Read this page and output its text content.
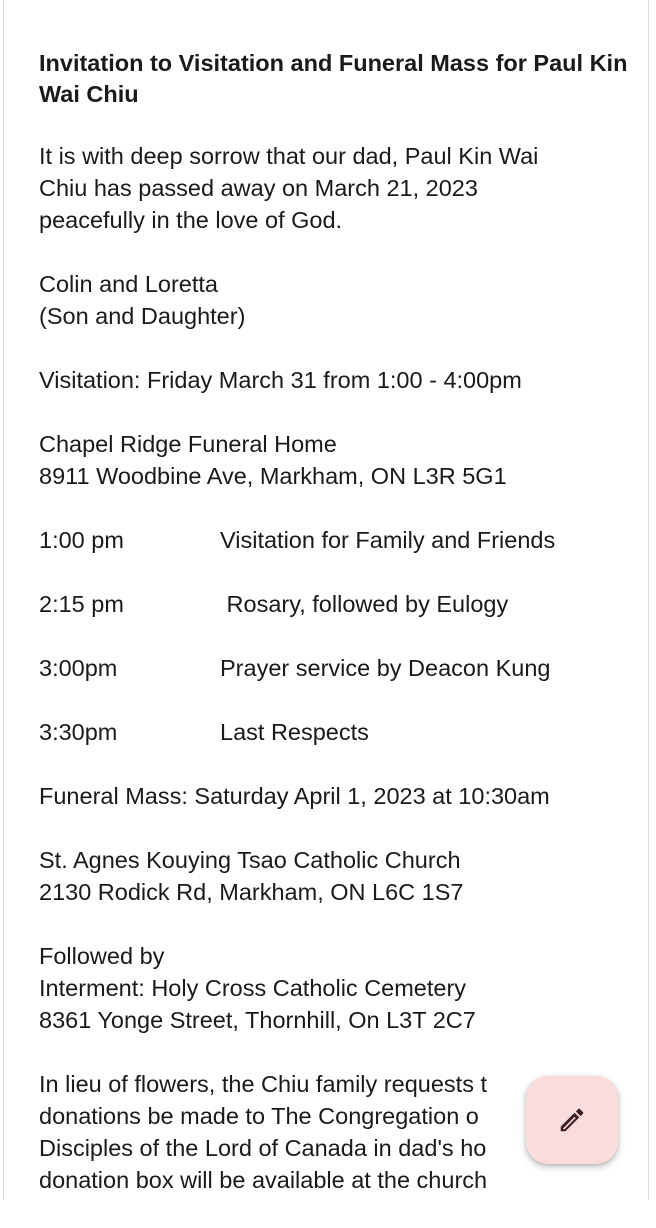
Invitation to Visitation and Funeral Mass for Paul Kin Wai Chiu

It is with deep sorrow that our dad, Paul Kin Wai
Chiu has passed away on March 21, 2023
peacefully in the love of God.

Colin and Loretta
(Son and Daughter)

Visitation: Friday March 31 from 1:00 - 4:00pm

Chapel Ridge Funeral Home
8911 Woodbine Ave, Markham, ON L3R 5G1

1:00 pm	Visitation for Family and Friends
2:15 pm	Rosary, followed by Eulogy
3:00pm	Prayer service by Deacon Kung
3:30pm	Last Respects

Funeral Mass: Saturday April 1, 2023 at 10:30am

St. Agnes Kouying Tsao Catholic Church
2130 Rodick Rd, Markham, ON L6C 1S7

Followed by
Interment: Holy Cross Catholic Cemetery
8361 Yonge Street, Thornhill, On L3T 2C7

In lieu of flowers, the Chiu family requests t
donations be made to The Congregation o
Disciples of the Lord of Canada in dad's ho
donation box will be available at the church
